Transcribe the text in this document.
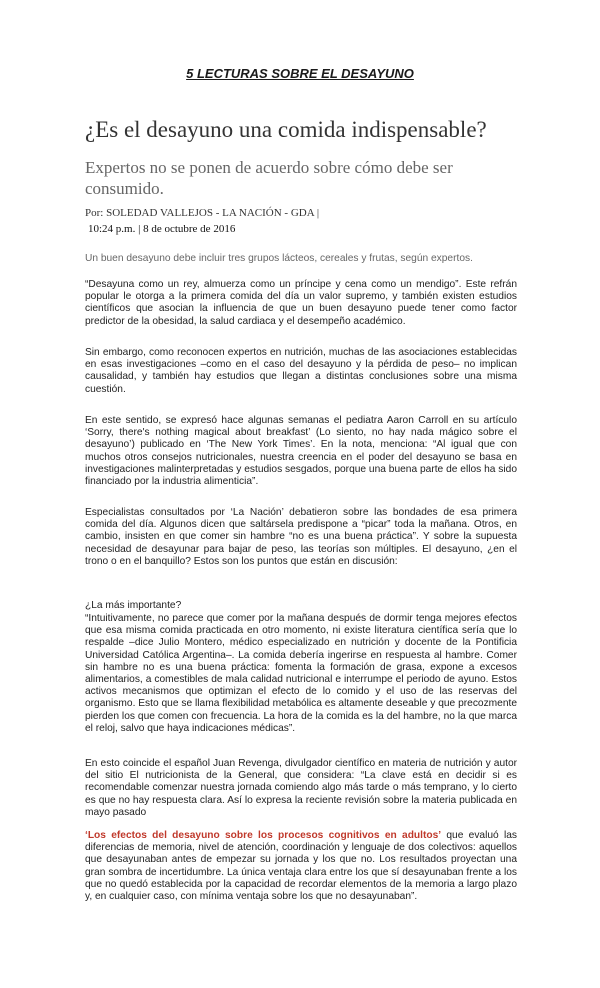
5 LECTURAS SOBRE EL DESAYUNO
¿Es el desayuno una comida indispensable?
Expertos no se ponen de acuerdo sobre cómo debe ser consumido.
Por: SOLEDAD VALLEJOS - LA NACIÓN - GDA |
10:24 p.m. | 8 de octubre de 2016

Un buen desayuno debe incluir tres grupos lácteos, cereales y frutas, según expertos.

“Desayuna como un rey, almuerza como un príncipe y cena como un mendigo”. Este refrán popular le otorga a la primera comida del día un valor supremo, y también existen estudios científicos que asocian la influencia de que un buen desayuno puede tener como factor predictor de la obesidad, la salud cardiaca y el desempeño académico.

Sin embargo, como reconocen expertos en nutrición, muchas de las asociaciones establecidas en esas investigaciones –como en el caso del desayuno y la pérdida de peso– no implican causalidad, y también hay estudios que llegan a distintas conclusiones sobre una misma cuestión.

En este sentido, se expresó hace algunas semanas el pediatra Aaron Carroll en su artículo ‘Sorry, there's nothing magical about breakfast’ (Lo siento, no hay nada mágico sobre el desayuno’) publicado en ‘The New York Times’. En la nota, menciona: “Al igual que con muchos otros consejos nutricionales, nuestra creencia en el poder del desayuno se basa en investigaciones malinterpretadas y estudios sesgados, porque una buena parte de ellos ha sido financiado por la industria alimenticia”.

Especialistas consultados por ‘La Nación’ debatieron sobre las bondades de esa primera comida del día. Algunos dicen que saltársela predispone a “picar” toda la mañana. Otros, en cambio, insisten en que comer sin hambre “no es una buena práctica”. Y sobre la supuesta necesidad de desayunar para bajar de peso, las teorías son múltiples. El desayuno, ¿en el trono o en el banquillo? Estos son los puntos que están en discusión:

¿La más importante?

“Intuitivamente, no parece que comer por la mañana después de dormir tenga mejores efectos que esa misma comida practicada en otro momento, ni existe literatura científica sería que lo respalde –dice Julio Montero, médico especializado en nutrición y docente de la Pontificia Universidad Católica Argentina–. La comida debería ingerirse en respuesta al hambre. Comer sin hambre no es una buena práctica: fomenta la formación de grasa, expone a excesos alimentarios, a comestibles de mala calidad nutricional e interrumpe el periodo de ayuno. Estos activos mecanismos que optimizan el efecto de lo comido y el uso de las reservas del organismo. Esto que se llama flexibilidad metabólica es altamente deseable y que precozmente pierden los que comen con frecuencia. La hora de la comida es la del hambre, no la que marca el reloj, salvo que haya indicaciones médicas”.

En esto coincide el español Juan Revenga, divulgador científico en materia de nutrición y autor del sitio El nutricionista de la General, que considera: “La clave está en decidir si es recomendable comenzar nuestra jornada comiendo algo más tarde o más temprano, y lo cierto es que no hay respuesta clara. Así lo expresa la reciente revisión sobre la materia publicada en mayo pasado

‘Los efectos del desayuno sobre los procesos cognitivos en adultos’ que evaluó las diferencias de memoria, nivel de atención, coordinación y lenguaje de dos colectivos: aquellos que desayunaban antes de empezar su jornada y los que no. Los resultados proyectan una gran sombra de incertidumbre. La única ventaja clara entre los que sí desayunaban frente a los que no quedó establecida por la capacidad de recordar elementos de la memoria a largo plazo y, en cualquier caso, con mínima ventaja sobre los que no desayunaban”.
